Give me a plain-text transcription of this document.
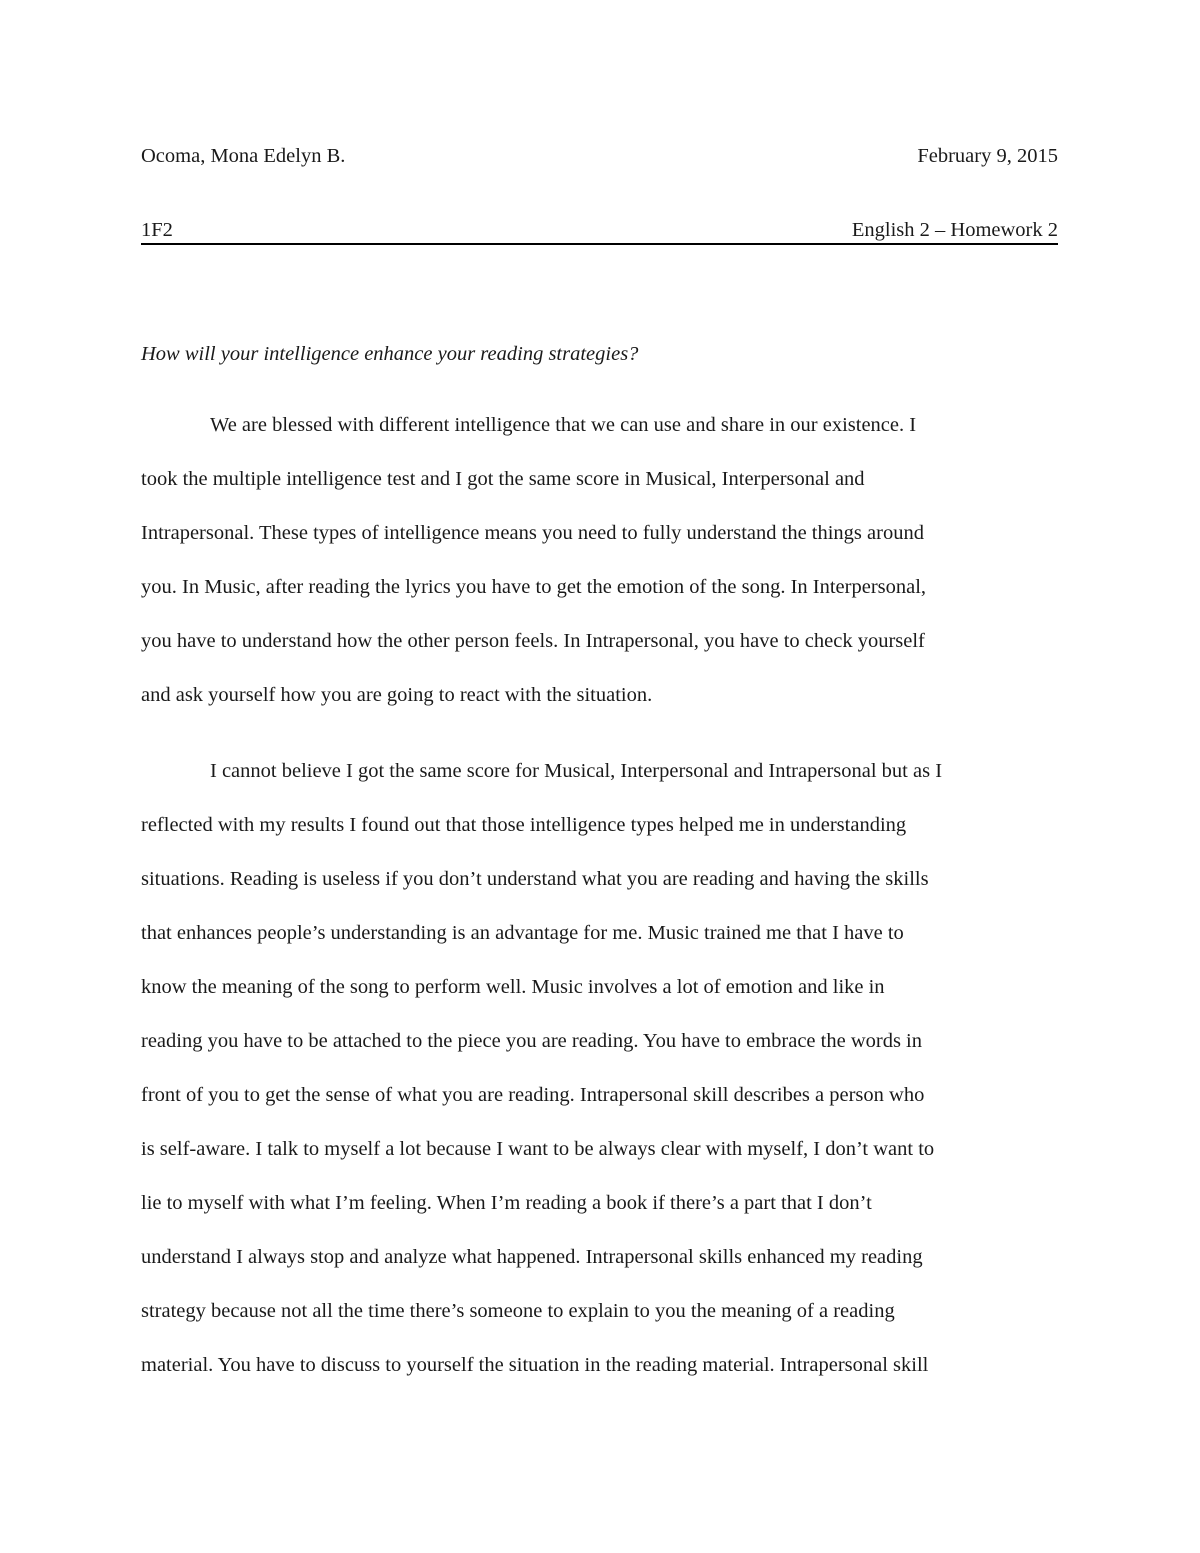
Ocoma, Mona Edelyn B.	February 9, 2015
1F2	English 2 – Homework 2
How will your intelligence enhance your reading strategies?
We are blessed with different intelligence that we can use and share in our existence. I
took the multiple intelligence test and I got the same score in Musical, Interpersonal and
Intrapersonal. These types of intelligence means you need to fully understand the things around
you. In Music, after reading the lyrics you have to get the emotion of the song. In Interpersonal,
you have to understand how the other person feels. In Intrapersonal, you have to check yourself
and ask yourself how you are going to react with the situation.
I cannot believe I got the same score for Musical, Interpersonal and Intrapersonal but as I
reflected with my results I found out that those intelligence types helped me in understanding
situations. Reading is useless if you don’t understand what you are reading and having the skills
that enhances people’s understanding is an advantage for me. Music trained me that I have to
know the meaning of the song to perform well. Music involves a lot of emotion and like in
reading you have to be attached to the piece you are reading. You have to embrace the words in
front of you to get the sense of what you are reading. Intrapersonal skill describes a person who
is self-aware. I talk to myself a lot because I want to be always clear with myself, I don’t want to
lie to myself with what I’m feeling. When I’m reading a book if there’s a part that I don’t
understand I always stop and analyze what happened. Intrapersonal skills enhanced my reading
strategy because not all the time there’s someone to explain to you the meaning of a reading
material. You have to discuss to yourself the situation in the reading material. Intrapersonal skill
